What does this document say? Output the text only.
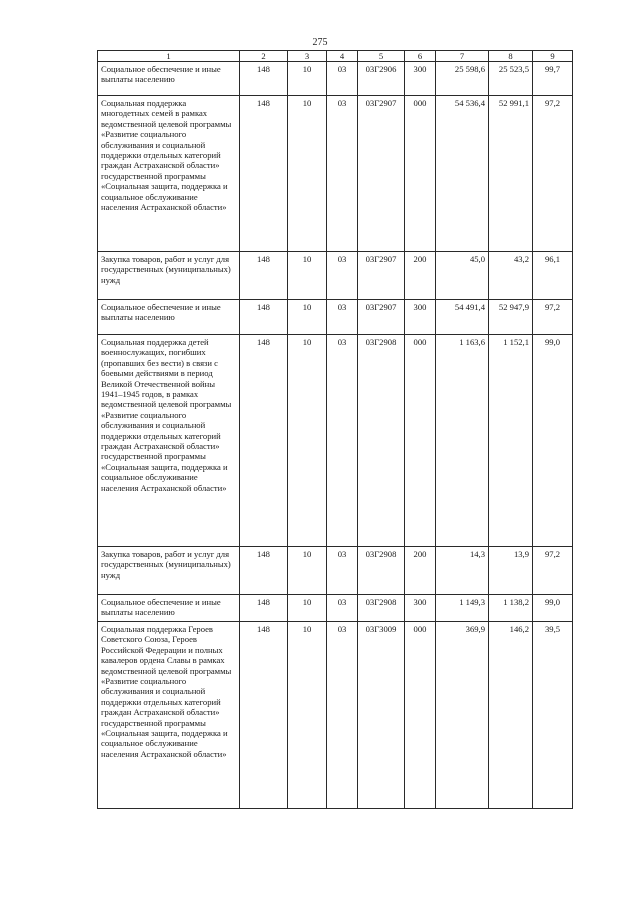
275
1	2	3	4	5	6	7	8	9
Социальное обеспечение и иные выплаты населению	148	10	03	03Г2906	300	25 598,6	25 523,5	99,7
Социальная поддержка многодетных семей в рамках ведомственной целевой программы «Развитие социального обслуживания и социальной поддержки отдельных категорий граждан Астраханской области» государственной программы «Социальная защита, поддержка и социальное обслуживание населения Астраханской области»	148	10	03	03Г2907	000	54 536,4	52 991,1	97,2
Закупка товаров, работ и услуг для государственных (муниципальных) нужд	148	10	03	03Г2907	200	45,0	43,2	96,1
Социальное обеспечение и иные выплаты населению	148	10	03	03Г2907	300	54 491,4	52 947,9	97,2
Социальная поддержка детей военнослужащих, погибших (пропавших без вести) в связи с боевыми действиями в период Великой Отечественной войны 1941–1945 годов, в рамках ведомственной целевой программы «Развитие социального обслуживания и социальной поддержки отдельных категорий граждан Астраханской области» государственной программы «Социальная защита, поддержка и социальное обслуживание населения Астраханской области»	148	10	03	03Г2908	000	1 163,6	1 152,1	99,0
Закупка товаров, работ и услуг для государственных (муниципальных) нужд	148	10	03	03Г2908	200	14,3	13,9	97,2
Социальное обеспечение и иные выплаты населению	148	10	03	03Г2908	300	1 149,3	1 138,2	99,0
Социальная поддержка Героев Советского Союза, Героев Российской Федерации и полных кавалеров ордена Славы в рамках ведомственной целевой программы «Развитие социального обслуживания и социальной поддержки отдельных категорий граждан Астраханской области» государственной программы «Социальная защита, поддержка и социальное обслуживание населения Астраханской области»	148	10	03	03Г3009	000	369,9	146,2	39,5
